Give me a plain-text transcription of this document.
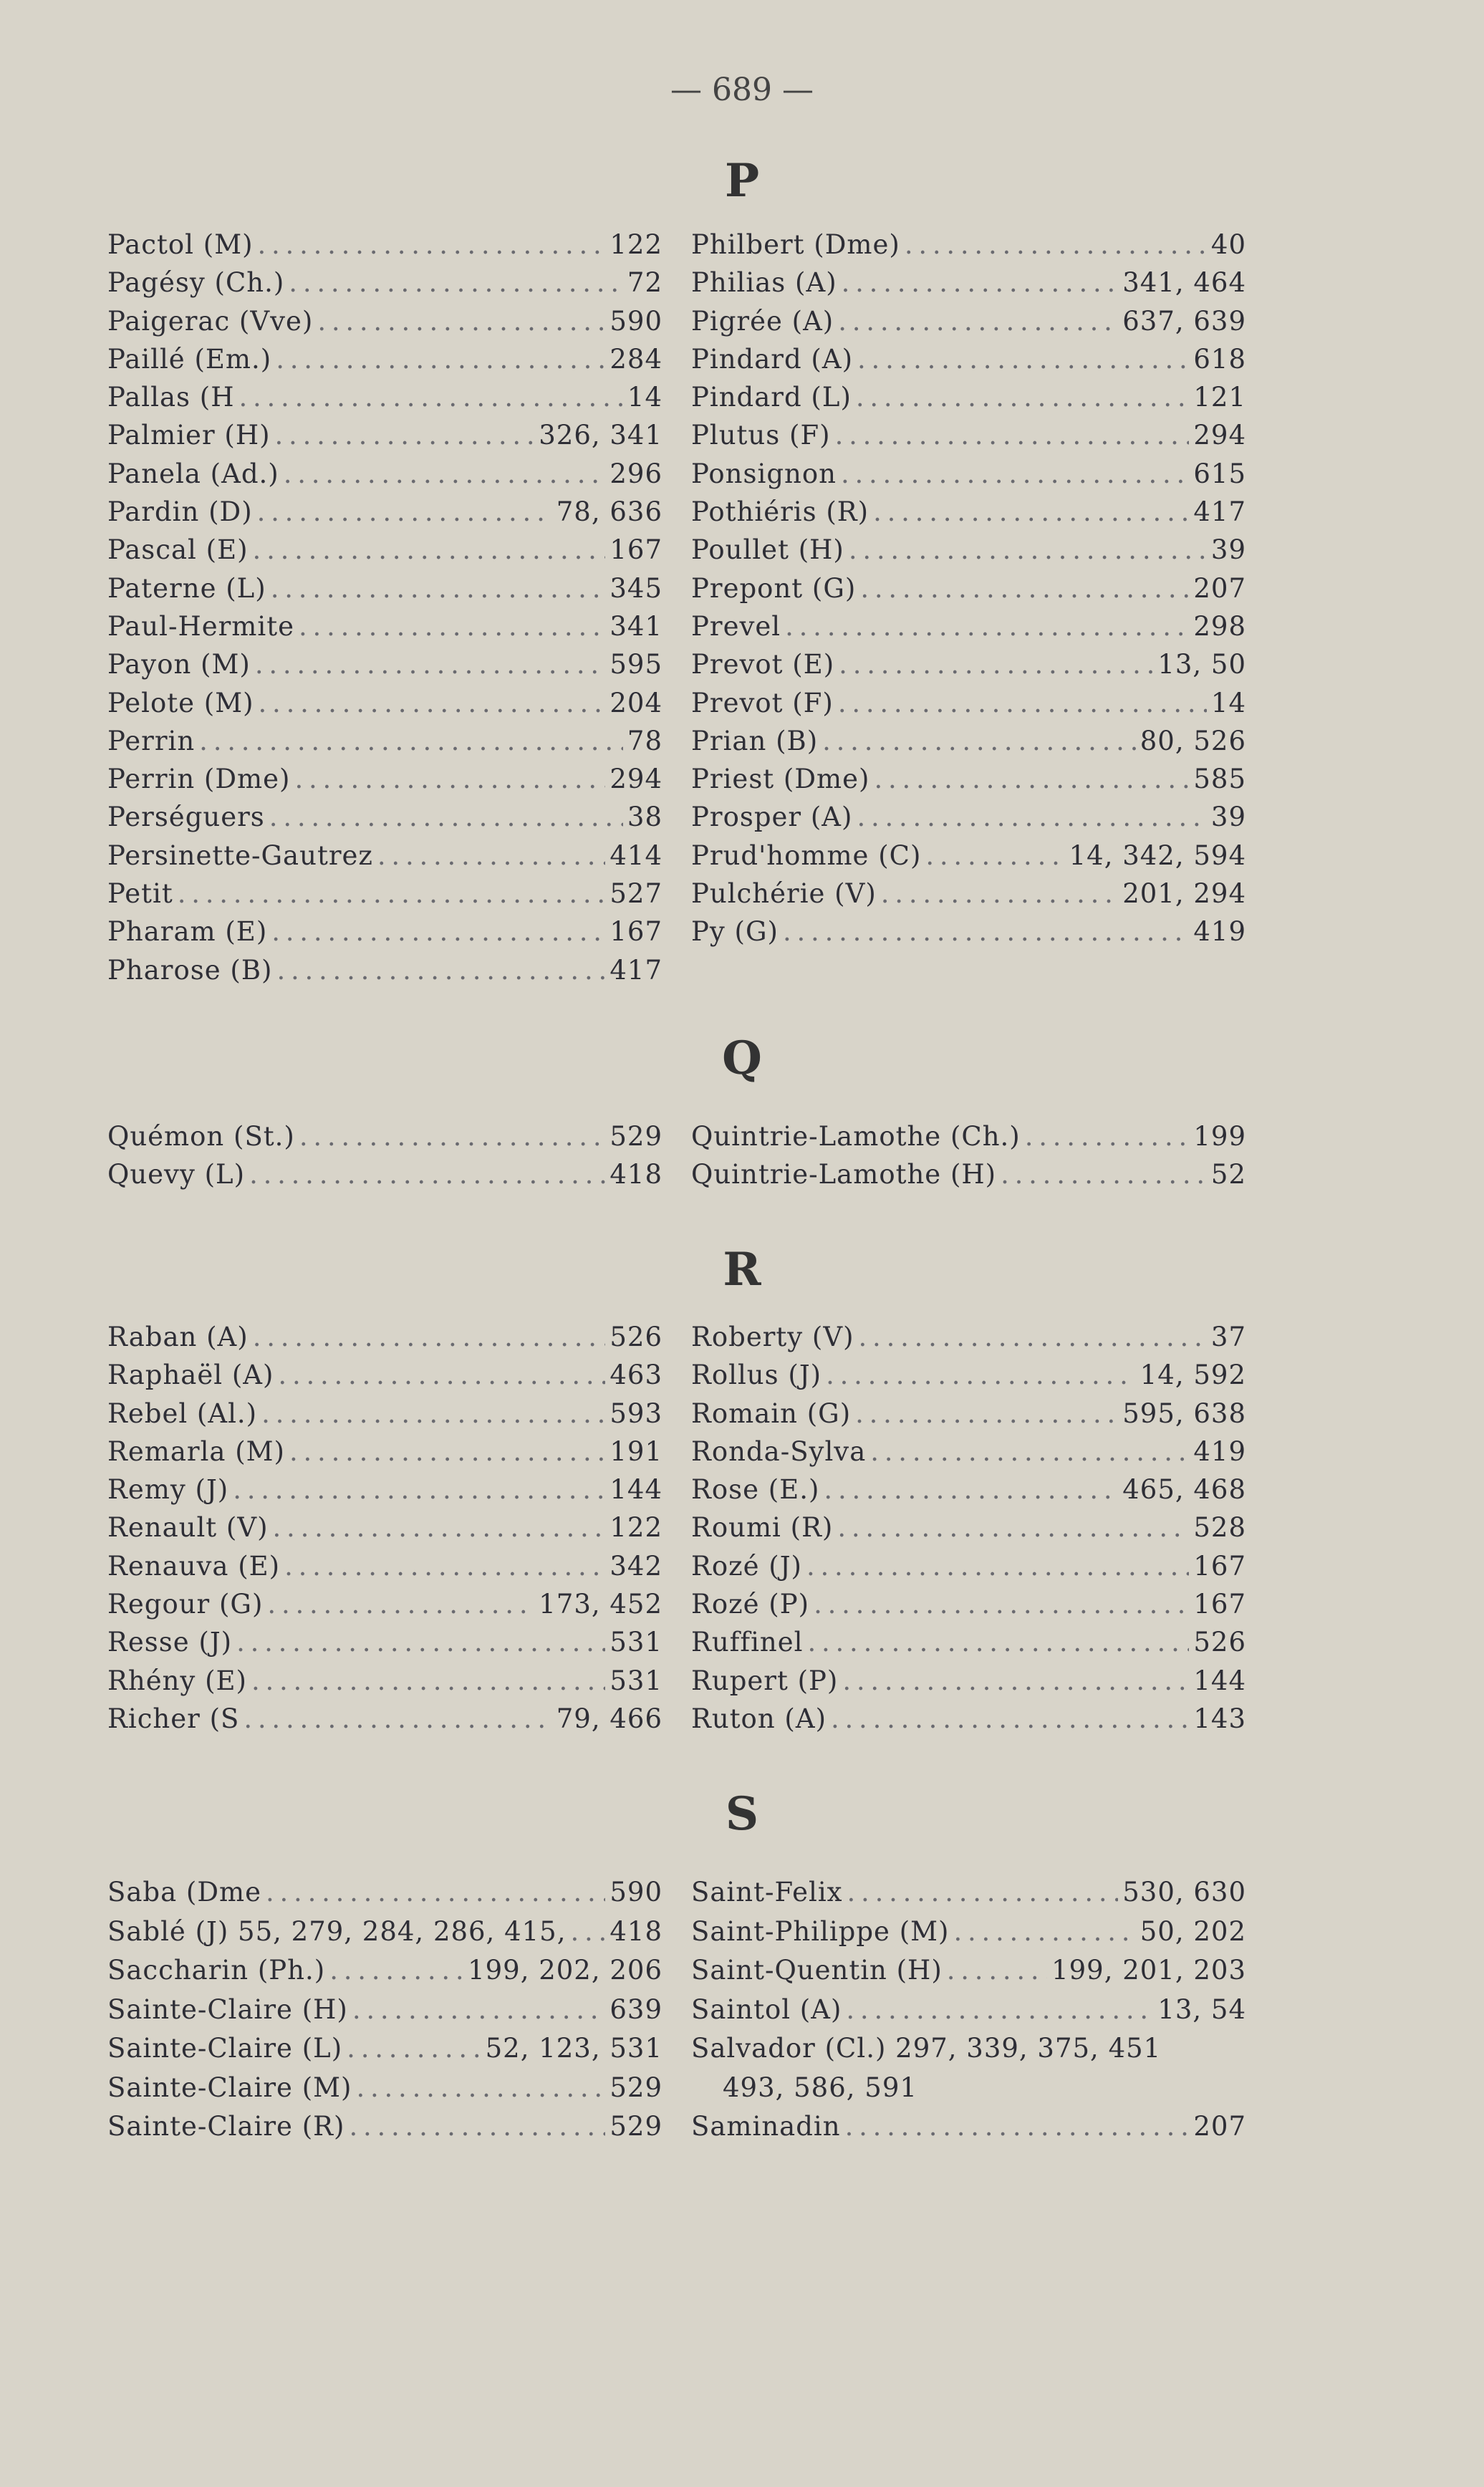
— 689 —
P
Pactol (M) . . .	122
Pagésy (Ch.) . . .	72
Paigerac (Vve) . . .	590
Paillé (Em.) . . .	284
Pallas (H . . .	14
Palmier (H) . . .	326, 341
Panela (Ad.) . . .	296
Pardin (D) . . .	78, 636
Pascal (E) . . .	167
Paterne (L) . . .	345
Paul-Hermite . . .	341
Payon (M) . . .	595
Pelote (M) . . .	204
Perrin . . .	78
Perrin (Dme) . . .	294
Perséguers . . .	38
Persinette-Gautrez . . .	414
Petit . . .	527
Pharam (E) . . .	167
Pharose (B) . . .	417
Philbert (Dme) . . .	40
Philias (A) . . .	341, 464
Pigrée (A) . . .	637, 639
Pindard (A) . . .	618
Pindard (L) . . .	121
Plutus (F) . . .	294
Ponsignon . . .	615
Pothiéris (R) . . .	417
Poullet (H) . . .	39
Prepont (G) . . .	207
Prevel . . .	298
Prevot (E) . . .	13, 50
Prevot (F) . . .	14
Prian (B) . . .	80, 526
Priest (Dme) . . .	585
Prosper (A) . . .	39
Prud'homme (C) . . .	14, 342, 594
Pulchérie (V) . . .	201, 294
Py (G) . . .	419
Q
Quémon (St.) . . .	529
Quevy (L) . . .	418
Quintrie-Lamothe (Ch.) . . .	199
Quintrie-Lamothe (H) . . .	52
R
Raban (A) . . .	526
Raphaël (A) . . .	463
Rebel (Al.) . . .	593
Remarla (M) . . .	191
Remy (J) . . .	144
Renault (V) . . .	122
Renauva (E) . . .	342
Regour (G) . . .	173, 452
Resse (J) . . .	531
Rhény (E) . . .	531
Richer (S . . .	79, 466
Roberty (V) . . .	37
Rollus (J) . . .	14, 592
Romain (G) . . .	595, 638
Ronda-Sylva . . .	419
Rose (E.) . . .	465, 468
Roumi (R) . . .	528
Rozé (J) . . .	167
Rozé (P) . . .	167
Ruffinel . . .	526
Rupert (P) . . .	144
Ruton (A) . . .	143
S
Saba (Dme . . .	590
Sablé (J) 55, 279, 284, 286, 415, . . . 418
Saccharin (Ph.) . . .	199, 202, 206
Sainte-Claire (H) . . .	639
Sainte-Claire (L) . . .	52, 123, 531
Sainte-Claire (M) . . .	529
Sainte-Claire (R) . . .	529
Saint-Felix . . .	530, 630
Saint-Philippe (M) . . .	50, 202
Saint-Quentin (H) . . .	199, 201, 203
Saintol (A) . . .	13, 54
Salvador (Cl.) 297, 339, 375, 451
493, 586, 591
Saminadin . . .	207
